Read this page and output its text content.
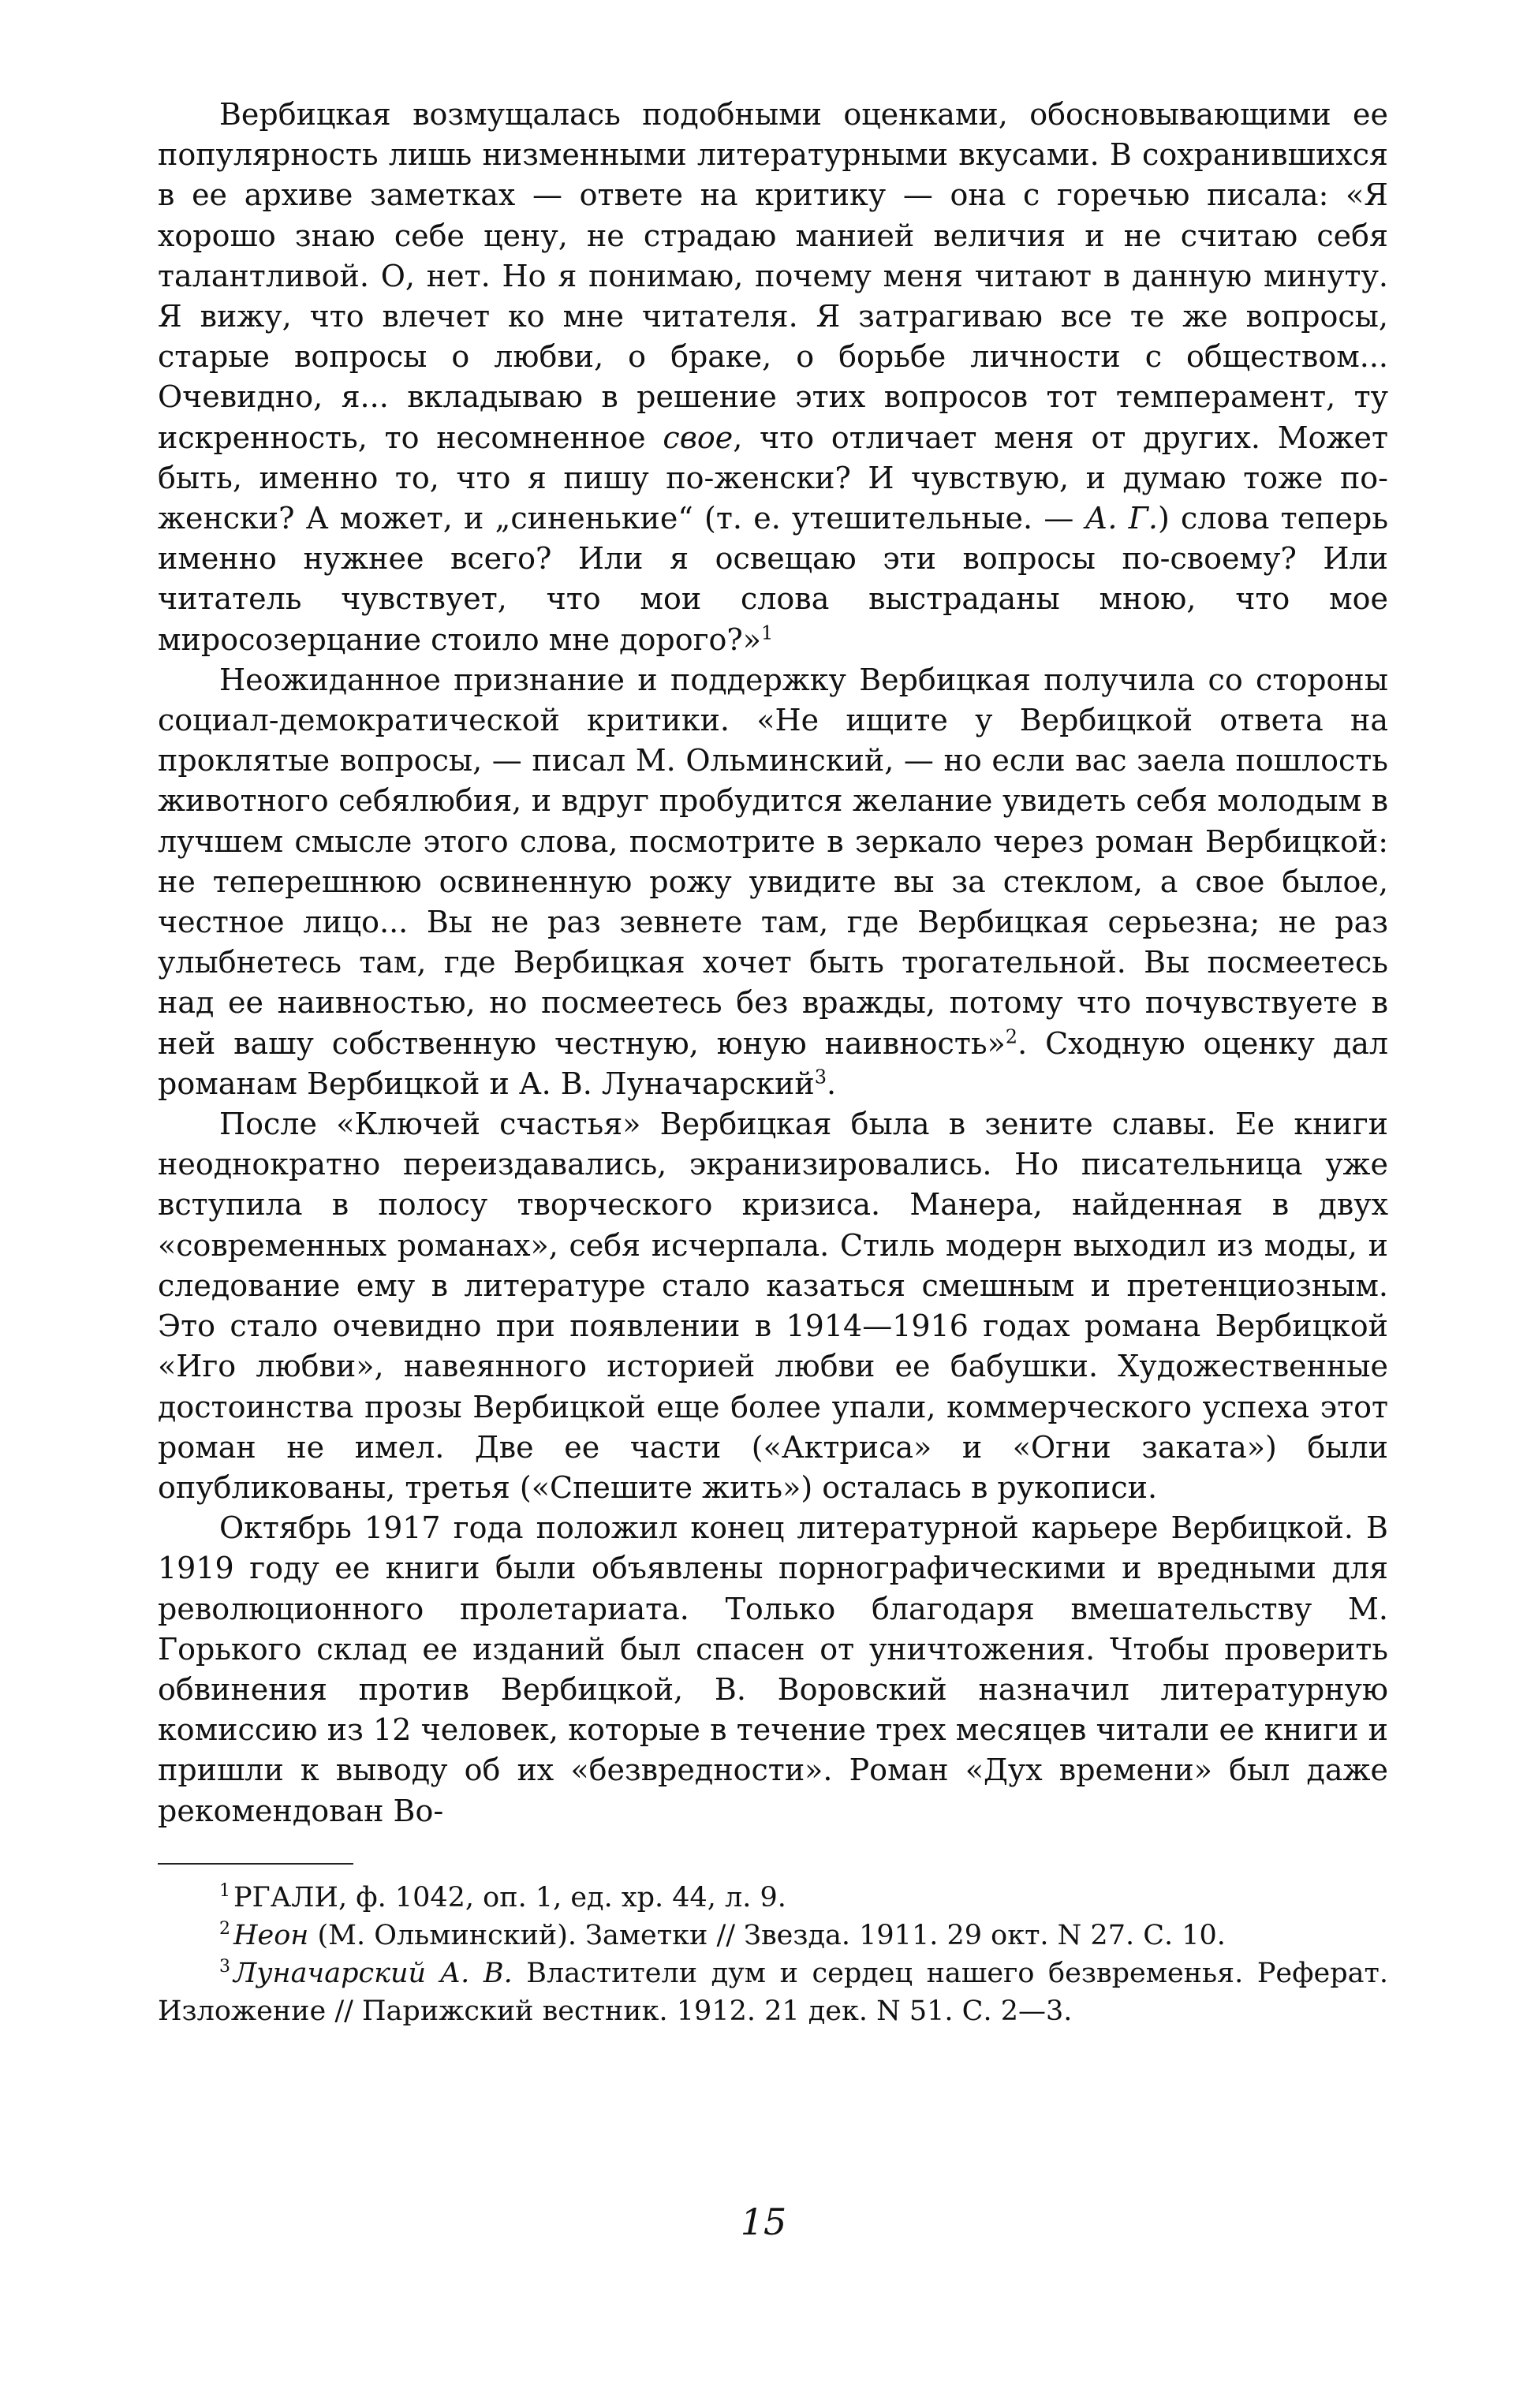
Вербицкая возмущалась подобными оценками, обосновывающими ее популярность лишь низменными литературными вкусами. В сохранившихся в ее архиве заметках — ответе на критику — она с горечью писала: «Я хорошо знаю себе цену, не страдаю манией величия и не считаю себя талантливой. О, нет. Но я понимаю, почему меня читают в данную минуту. Я вижу, что влечет ко мне читателя. Я затрагиваю все те же вопросы, старые вопросы о любви, о браке, о борьбе личности с обществом... Очевидно, я... вкладываю в решение этих вопросов тот темперамент, ту искренность, то несомненное свое, что отличает меня от других. Может быть, именно то, что я пишу по-женски? И чувствую, и думаю тоже по-женски? А может, и „синенькие“ (т. е. утешительные. — А. Г.) слова теперь именно нужнее всего? Или я освещаю эти вопросы по-своему? Или читатель чувствует, что мои слова выстраданы мною, что мое миросозерцание стоило мне дорого?»$^1$

Неожиданное признание и поддержку Вербицкая получила со стороны социал-демократической критики. «Не ищите у Вербицкой ответа на проклятые вопросы, — писал М. Ольминский, — но если вас заела пошлость животного себялюбия, и вдруг пробудится желание увидеть себя молодым в лучшем смысле этого слова, посмотрите в зеркало через роман Вербицкой: не теперешнюю освиненную рожу увидите вы за стеклом, а свое былое, честное лицо... Вы не раз зевнете там, где Вербицкая серьезна; не раз улыбнетесь там, где Вербицкая хочет быть трогательной. Вы посмеетесь над ее наивностью, но посмеетесь без вражды, потому что почувствуете в ней вашу собственную честную, юную наивность»$^2$. Сходную оценку дал романам Вербицкой и А. В. Луначарский$^3$.

После «Ключей счастья» Вербицкая была в зените славы. Ее книги неоднократно переиздавались, экранизировались. Но писательница уже вступила в полосу творческого кризиса. Манера, найденная в двух «современных романах», себя исчерпала. Стиль модерн выходил из моды, и следование ему в литературе стало казаться смешным и претенциозным. Это стало очевидно при появлении в 1914—1916 годах романа Вербицкой «Иго любви», навеянного историей любви ее бабушки. Художественные достоинства прозы Вербицкой еще более упали, коммерческого успеха этот роман не имел. Две ее части («Актриса» и «Огни заката») были опубликованы, третья («Спешите жить») осталась в рукописи.

Октябрь 1917 года положил конец литературной карьере Вербицкой. В 1919 году ее книги были объявлены порнографическими и вредными для революционного пролетариата. Только благодаря вмешательству М. Горького склад ее изданий был спасен от уничтожения. Чтобы проверить обвинения против Вербицкой, В. Воровский назначил литературную комиссию из 12 человек, которые в течение трех месяцев читали ее книги и пришли к выводу об их «безвредности». Роман «Дух времени» был даже рекомендован Во-

$^1$ РГАЛИ, ф. 1042, оп. 1, ед. хр. 44, л. 9.

$^2$ Неон (М. Ольминский). Заметки // Звезда. 1911. 29 окт. N 27. С. 10.

$^3$ Луначарский А. В. Властители дум и сердец нашего безвременья. Реферат. Изложение // Парижский вестник. 1912. 21 дек. N 51. С. 2—3.

15
